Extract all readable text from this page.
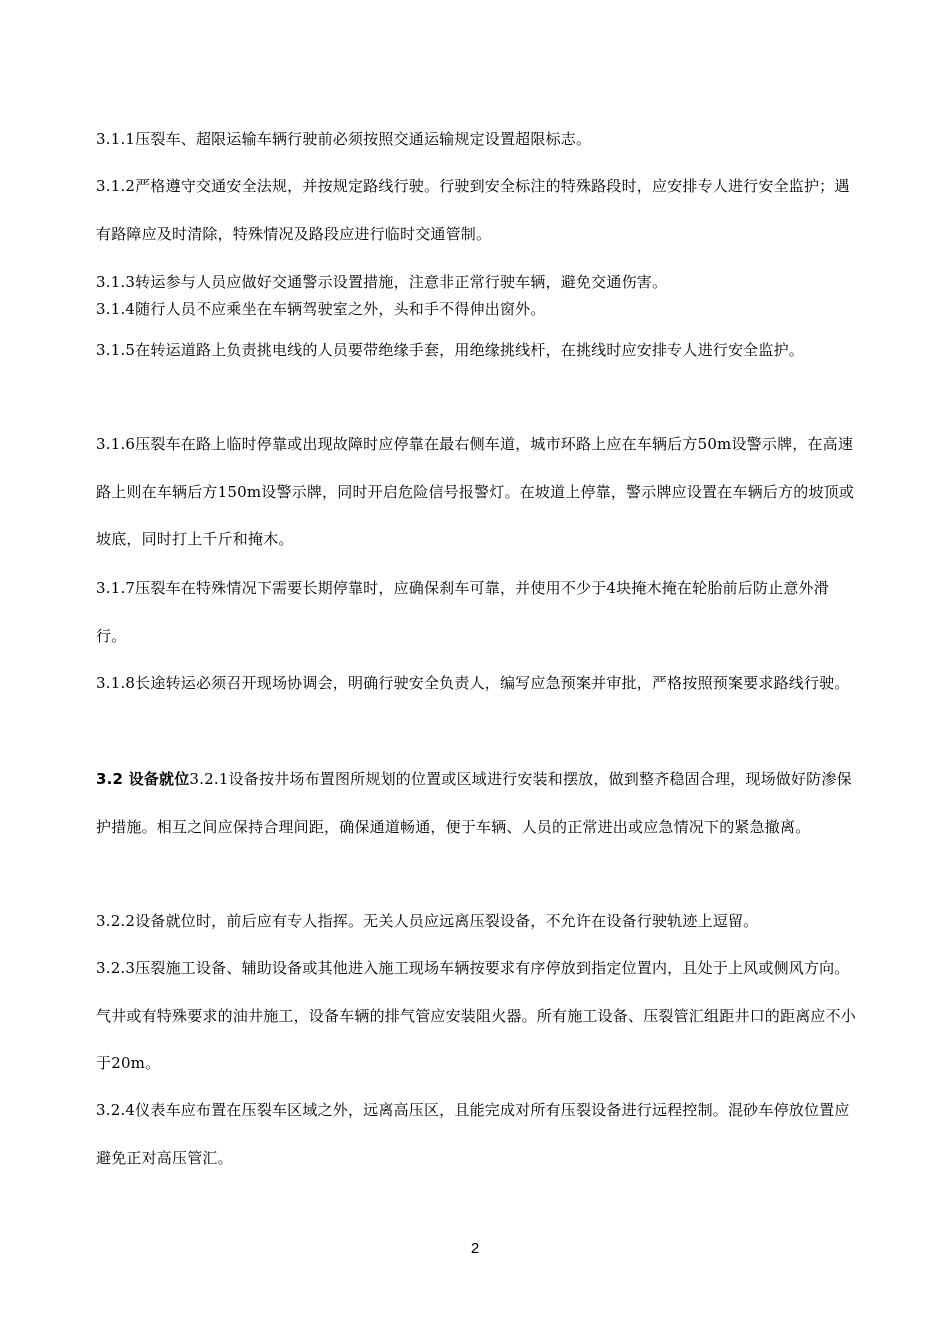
3.1.1压裂车、超限运输车辆行驶前必须按照交通运输规定设置超限标志。

3.1.2严格遵守交通安全法规，并按规定路线行驶。行驶到安全标注的特殊路段时，应安排专人进行安全监护；遇有路障应及时清除，特殊情况及路段应进行临时交通管制。

3.1.3转运参与人员应做好交通警示设置措施，注意非正常行驶车辆，避免交通伤害。

3.1.4随行人员不应乘坐在车辆驾驶室之外，头和手不得伸出窗外。

3.1.5在转运道路上负责挑电线的人员要带绝缘手套，用绝缘挑线杆，在挑线时应安排专人进行安全监护。

3.1.6压裂车在路上临时停靠或出现故障时应停靠在最右侧车道，城市环路上应在车辆后方50m设警示牌，在高速路上则在车辆后方150m设警示牌，同时开启危险信号报警灯。在坡道上停靠，警示牌应设置在车辆后方的坡顶或坡底，同时打上千斤和掩木。

3.1.7压裂车在特殊情况下需要长期停靠时，应确保刹车可靠，并使用不少于4块掩木掩在轮胎前后防止意外滑行。

3.1.8长途转运必须召开现场协调会，明确行驶安全负责人，编写应急预案并审批，严格按照预案要求路线行驶。

3.2 设备就位3.2.1设备按井场布置图所规划的位置或区域进行安装和摆放，做到整齐稳固合理，现场做好防渗保护措施。相互之间应保持合理间距，确保通道畅通，便于车辆、人员的正常进出或应急情况下的紧急撤离。

3.2.2设备就位时，前后应有专人指挥。无关人员应远离压裂设备，不允许在设备行驶轨迹上逗留。

3.2.3压裂施工设备、辅助设备或其他进入施工现场车辆按要求有序停放到指定位置内，且处于上风或侧风方向。气井或有特殊要求的油井施工，设备车辆的排气管应安装阻火器。所有施工设备、压裂管汇组距井口的距离应不小于20m。

3.2.4仪表车应布置在压裂车区域之外，远离高压区，且能完成对所有压裂设备进行远程控制。混砂车停放位置应避免正对高压管汇。

2
